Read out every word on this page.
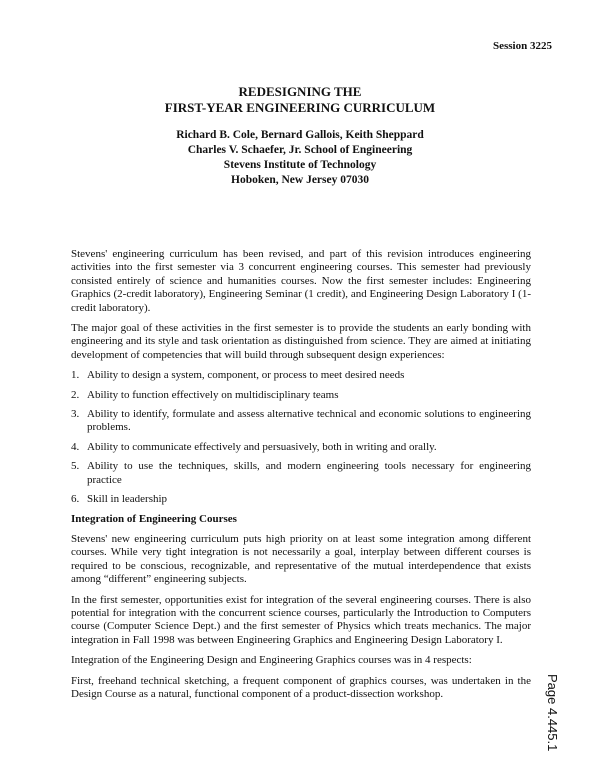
Session 3225
REDESIGNING THE
FIRST-YEAR ENGINEERING CURRICULUM
Richard B. Cole, Bernard Gallois, Keith Sheppard
Charles V. Schaefer, Jr. School of Engineering
Stevens Institute of Technology
Hoboken, New Jersey 07030

Stevens' engineering curriculum has been revised, and part of this revision introduces engineering activities into the first semester via 3 concurrent engineering courses. This semester had previously consisted entirely of science and humanities courses. Now the first semester includes: Engineering Graphics (2-credit laboratory), Engineering Seminar (1 credit), and Engineering Design Laboratory I (1-credit laboratory).

The major goal of these activities in the first semester is to provide the students an early bonding with engineering and its style and task orientation as distinguished from science. They are aimed at initiating development of competencies that will build through subsequent design experiences:

1. Ability to design a system, component, or process to meet desired needs
2. Ability to function effectively on multidisciplinary teams
3. Ability to identify, formulate and assess alternative technical and economic solutions to engineering problems.
4. Ability to communicate effectively and persuasively, both in writing and orally.
5. Ability to use the techniques, skills, and modern engineering tools necessary for engineering practice
6. Skill in leadership
Integration of Engineering Courses

Stevens' new engineering curriculum puts high priority on at least some integration among different courses. While very tight integration is not necessarily a goal, interplay between different courses is required to be conscious, recognizable, and representative of the mutual interdependence that exists among “different” engineering subjects.

In the first semester, opportunities exist for integration of the several engineering courses. There is also potential for integration with the concurrent science courses, particularly the Introduction to Computers course (Computer Science Dept.) and the first semester of Physics which treats mechanics. The major integration in Fall 1998 was between Engineering Graphics and Engineering Design Laboratory I.

Integration of the Engineering Design and Engineering Graphics courses was in 4 respects:

First, freehand technical sketching, a frequent component of graphics courses, was undertaken in the Design Course as a natural, functional component of a product-dissection workshop.	Page 4.445.1
